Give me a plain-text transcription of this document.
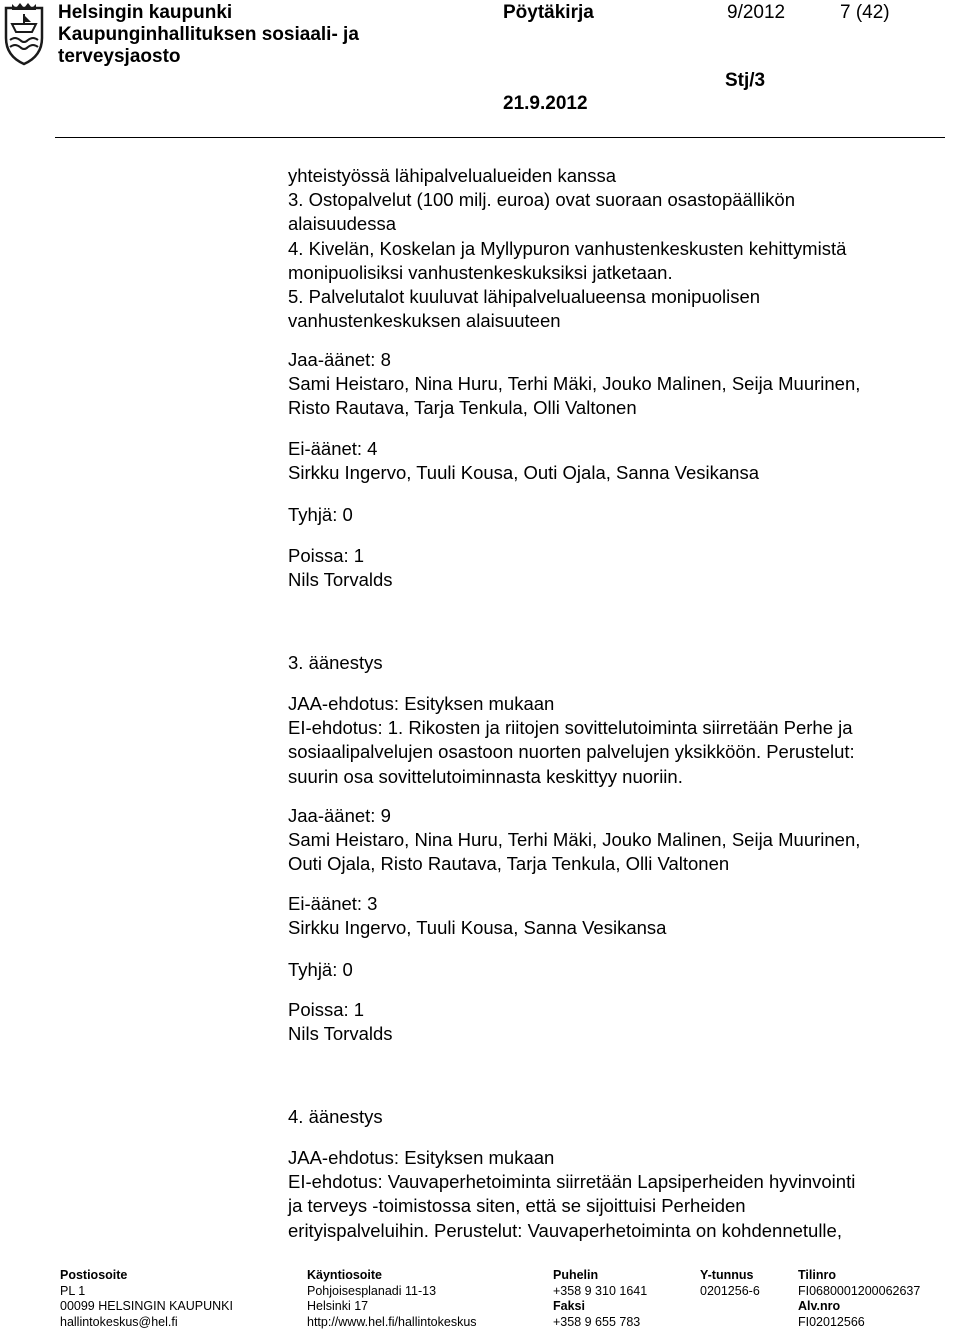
Helsingin kaupunki
Kaupunginhallituksen sosiaali- ja
terveysjaosto
Pöytäkirja	9/2012	7 (42)
Stj/3
21.9.2012
yhteistyössä lähipalvelualueiden kanssa
3. Ostopalvelut (100 milj. euroa) ovat suoraan osastopäällikön
alaisuudessa
4. Kivelän, Koskelan ja Myllypuron vanhustenkeskusten kehittymistä
monipuolisiksi vanhustenkeskuksiksi jatketaan.
5. Palvelutalot kuuluvat lähipalvelualueensa monipuolisen
vanhustenkeskuksen alaisuuteen
Jaa-äänet: 8
Sami Heistaro, Nina Huru, Terhi Mäki, Jouko Malinen, Seija Muurinen,
Risto Rautava, Tarja Tenkula, Olli Valtonen
Ei-äänet: 4
Sirkku Ingervo, Tuuli Kousa, Outi Ojala, Sanna Vesikansa
Tyhjä: 0
Poissa: 1
Nils Torvalds
3. äänestys
JAA-ehdotus: Esityksen mukaan
EI-ehdotus: 1. Rikosten ja riitojen sovittelutoiminta siirretään Perhe ja
sosiaalipalvelujen osastoon nuorten palvelujen yksikköön. Perustelut:
suurin osa sovittelutoiminnasta keskittyy nuoriin.
Jaa-äänet: 9
Sami Heistaro, Nina Huru, Terhi Mäki, Jouko Malinen, Seija Muurinen,
Outi Ojala, Risto Rautava, Tarja Tenkula, Olli Valtonen
Ei-äänet: 3
Sirkku Ingervo, Tuuli Kousa, Sanna Vesikansa
Tyhjä: 0
Poissa: 1
Nils Torvalds
4. äänestys
JAA-ehdotus: Esityksen mukaan
EI-ehdotus: Vauvaperhetoiminta siirretään Lapsiperheiden hyvinvointi
ja terveys -toimistossa siten, että se sijoittuisi Perheiden
erityispalveluihin. Perustelut: Vauvaperhetoiminta on kohdennetulle,
Postiosoite
PL 1
00099 HELSINGIN KAUPUNKI
hallintokeskus@hel.fi
Käyntiosoite
Pohjoisesplanadi 11-13
Helsinki 17
http://www.hel.fi/hallintokeskus
Puhelin
+358 9 310 1641
Faksi
+358 9 655 783
Y-tunnus
0201256-6
Tilinro
FI0680001200062637
Alv.nro
FI02012566
